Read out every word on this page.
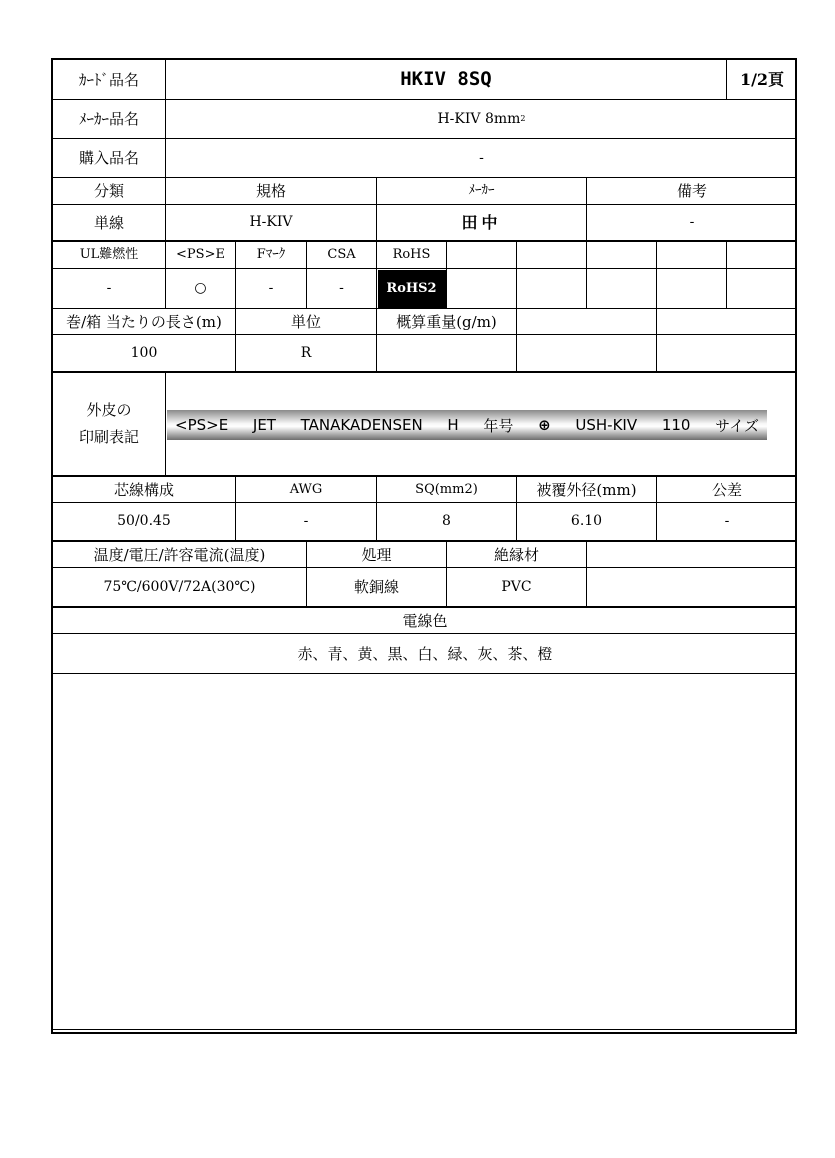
ｶｰﾄﾞ品名	HKIV 8SQ	1/2頁
ﾒｰｶｰ品名	H-KIV 8mm 2
購入品名	-
分類	規格	ﾒｰｶｰ	備考
単線	H-KIV	田中	-
UL難燃性	<PS>E	Fﾏｰｸ	CSA	RoHS
-	○	-	-	RoHS2
巻/箱 当たりの長さ(m)	単位	概算重量(g/m)
100	R
外皮の
印刷表記
<PS>E JET TANAKADENSEN H 年号 ⊕ USH-KIV 110 サイズ
芯線構成	AWG	SQ(mm2)	被覆外径(mm)	公差
50/0.45	-	8	6.10	-
温度/電圧/許容電流(温度)	処理	絶縁材
75℃/600V/72A(30℃)	軟銅線	PVC
電線色
赤、青、黄、黒、白、緑、灰、茶、橙
